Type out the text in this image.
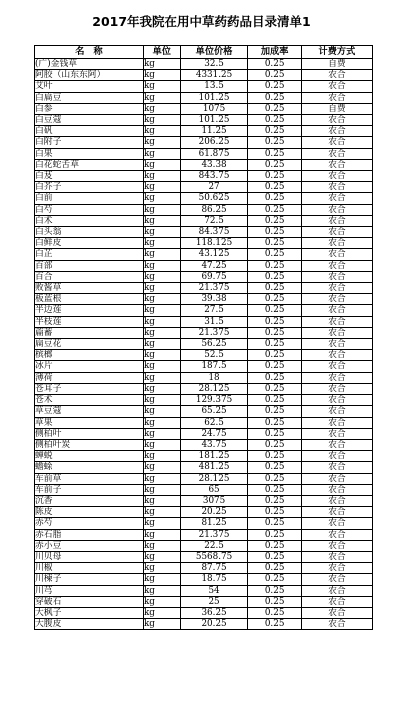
2017年我院在用中草药药品目录清单1
名　称	单位	单位价格	加成率	计费方式
(广)金钱草	kg	32.5	0.25	自费
阿胶（山东东阿）	kg	4331.25	0.25	农合
艾叶	kg	13.5	0.25	农合
白扁豆	kg	101.25	0.25	农合
白参	kg	1075	0.25	自费
白豆蔻	kg	101.25	0.25	农合
白矾	kg	11.25	0.25	农合
白附子	kg	206.25	0.25	农合
白果	kg	61.875	0.25	农合
白花蛇舌草	kg	43.38	0.25	农合
白芨	kg	843.75	0.25	农合
白芥子	kg	27	0.25	农合
白前	kg	50.625	0.25	农合
白芍	kg	86.25	0.25	农合
白术	kg	72.5	0.25	农合
白头翁	kg	84.375	0.25	农合
白鲜皮	kg	118.125	0.25	农合
白芷	kg	43.125	0.25	农合
百部	kg	47.25	0.25	农合
百合	kg	69.75	0.25	农合
败酱草	kg	21.375	0.25	农合
板蓝根	kg	39.38	0.25	农合
半边莲	kg	27.5	0.25	农合
半枝莲	kg	31.5	0.25	农合
萹蓄	kg	21.375	0.25	农合
扁豆花	kg	56.25	0.25	农合
槟榔	kg	52.5	0.25	农合
冰片	kg	187.5	0.25	农合
薄荷	kg	18	0.25	农合
苍耳子	kg	28.125	0.25	农合
苍术	kg	129.375	0.25	农合
草豆蔻	kg	65.25	0.25	农合
草果	kg	62.5	0.25	农合
侧柏叶	kg	24.75	0.25	农合
侧柏叶炭	kg	43.75	0.25	农合
蝉蜕	kg	181.25	0.25	农合
蟾蜍	kg	481.25	0.25	农合
车前草	kg	28.125	0.25	农合
车前子	kg	65	0.25	农合
沉香	kg	3075	0.25	农合
陈皮	kg	20.25	0.25	农合
赤芍	kg	81.25	0.25	农合
赤石脂	kg	21.375	0.25	农合
赤小豆	kg	22.5	0.25	农合
川贝母	kg	5568.75	0.25	农合
川椒	kg	87.75	0.25	农合
川楝子	kg	18.75	0.25	农合
川芎	kg	54	0.25	农合
穿破石	kg	25	0.25	农合
大枫子	kg	36.25	0.25	农合
大腹皮	kg	20.25	0.25	农合
